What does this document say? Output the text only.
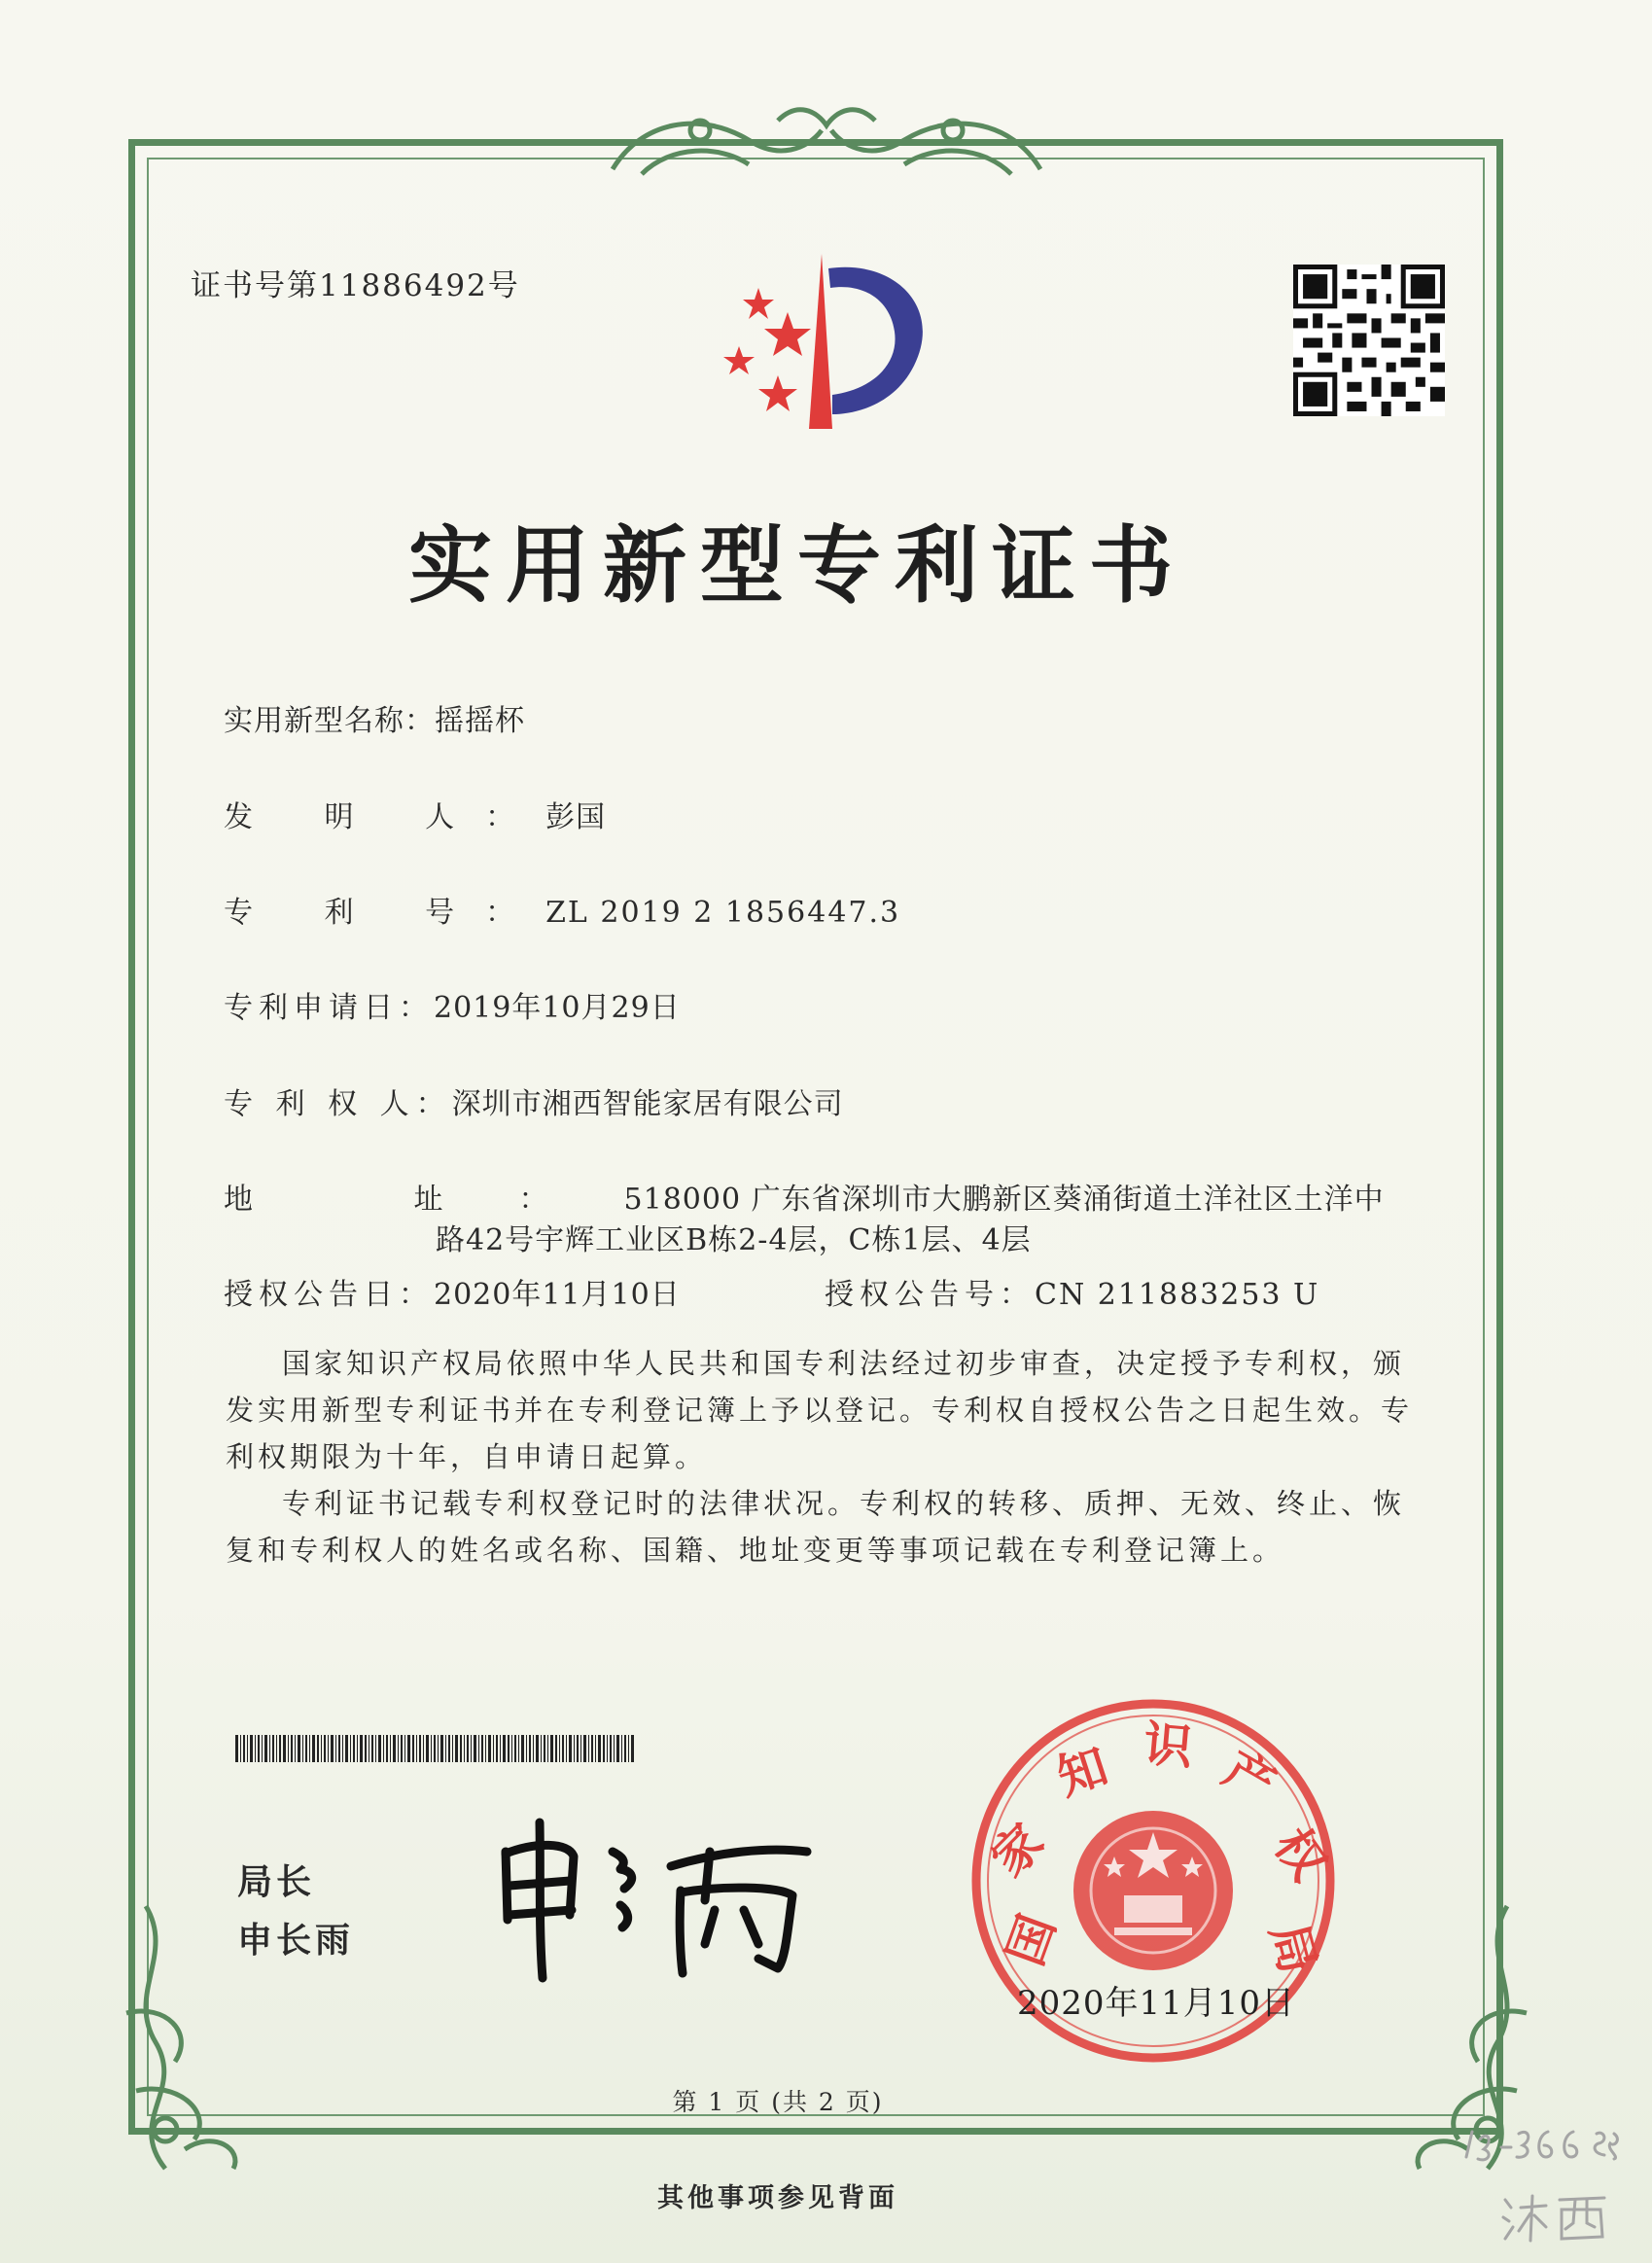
证书号第11886492号
实用新型专利证书
实用新型名称：摇摇杯
发 明 人：彭国
专 利 号：ZL 2019 2 1856447.3
专利申请日：2019年10月29日
专 利 权 人：深圳市湘西智能家居有限公司
地 址：518000 广东省深圳市大鹏新区葵涌街道土洋社区土洋中
路42号宇辉工业区B栋2-4层，C栋1层、4层
授权公告日：2020年11月10日	授权公告号：CN 211883253 U

国家知识产权局依照中华人民共和国专利法经过初步审查，决定授予专利权，颁发实用新型专利证书并在专利登记簿上予以登记。专利权自授权公告之日起生效。专利权期限为十年，自申请日起算。

专利证书记载专利权登记时的法律状况。专利权的转移、质押、无效、终止、恢复和专利权人的姓名或名称、国籍、地址变更等事项记载在专利登记簿上。

局长
申长雨	国
家
知 识 产
权
局
2020年11月10日
第 1 页 (共 2 页)
其他事项参见背面
